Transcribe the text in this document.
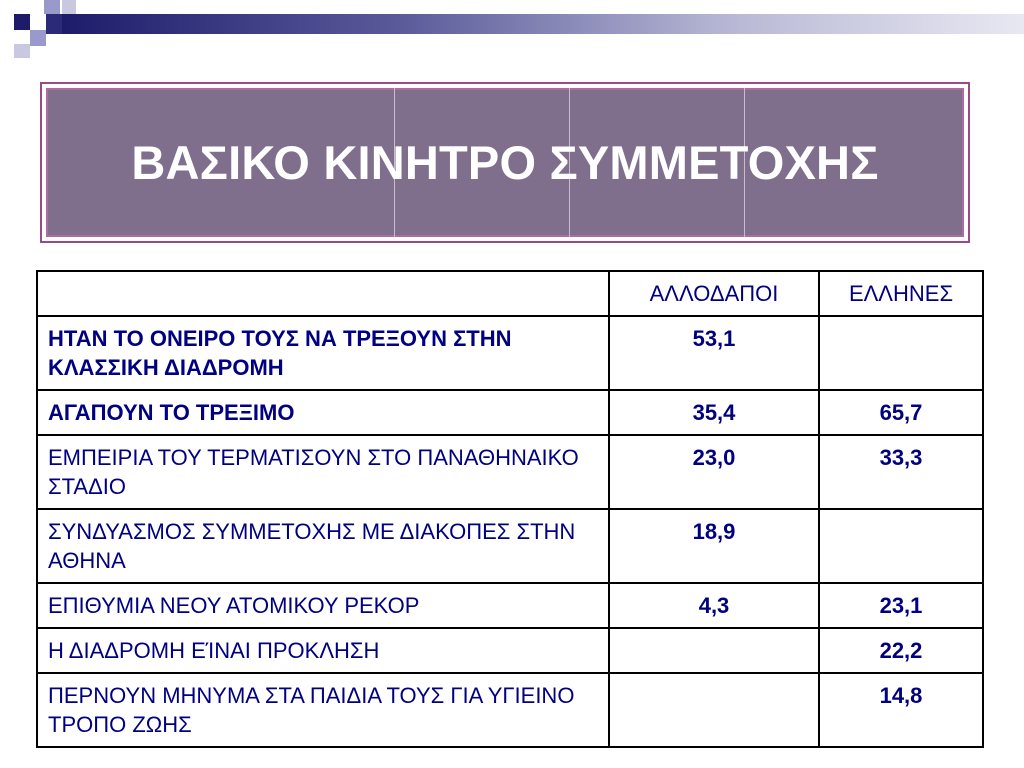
ΒΑΣΙΚΟ ΚΙΝΗΤΡΟ ΣΥΜΜΕΤΟΧΗΣ
	ΑΛΛΟΔΑΠΟΙ	ΕΛΛΗΝΕΣ
ΗΤΑΝ ΤΟ ΟΝΕΙΡΟ ΤΟΥΣ ΝΑ ΤΡΕΞΟΥΝ ΣΤΗΝ ΚΛΑΣΣΙΚΗ ΔΙΑΔΡΟΜΗ	53,1	
ΑΓΑΠΟΥΝ ΤΟ ΤΡΕΞΙΜΟ	35,4	65,7
ΕΜΠΕΙΡΙΑ ΤΟΥ ΤΕΡΜΑΤΙΣΟΥΝ ΣΤΟ ΠΑΝΑΘΗΝΑΙΚΟ ΣΤΑΔΙΟ	23,0	33,3
ΣΥΝΔΥΑΣΜΟΣ ΣΥΜΜΕΤΟΧΗΣ ΜΕ ΔΙΑΚΟΠΕΣ ΣΤΗΝ ΑΘΗΝΑ	18,9	
ΕΠΙΘΥΜΙΑ ΝΕΟΥ ΑΤΟΜΙΚΟΥ ΡΕΚΟΡ	4,3	23,1
Η ΔΙΑΔΡΟΜΗ ΕΊΝΑΙ ΠΡΟΚΛΗΣΗ		22,2
ΠΕΡΝΟΥΝ ΜΗΝΥΜΑ ΣΤΑ ΠΑΙΔΙΑ ΤΟΥΣ ΓΙΑ ΥΓΙΕΙΝΟ ΤΡΟΠΟ ΖΩΗΣ		14,8
